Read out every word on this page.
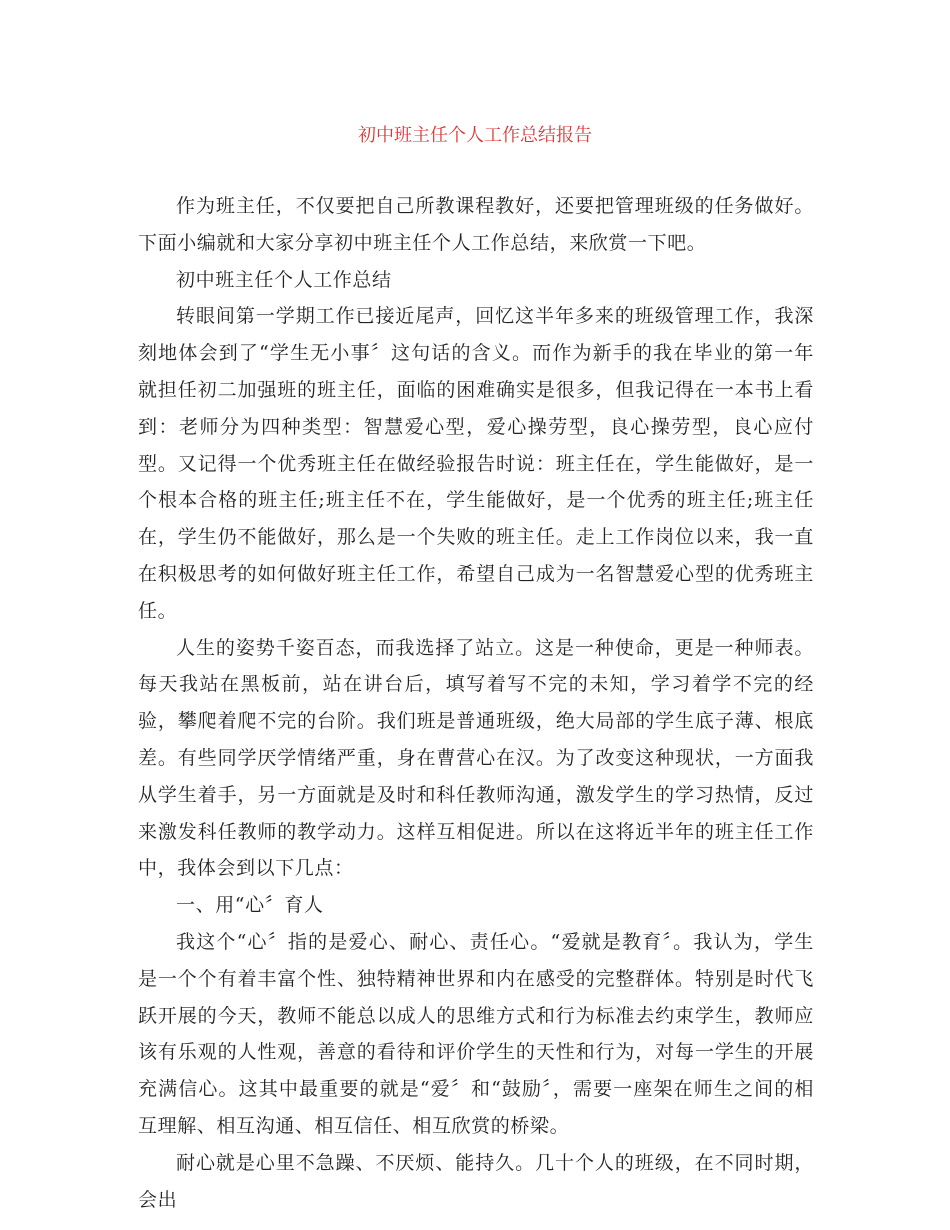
初中班主任个人工作总结报告

作为班主任，不仅要把自己所教课程教好，还要把管理班级的任务做好。下面小编就和大家分享初中班主任个人工作总结，来欣赏一下吧。

初中班主任个人工作总结

转眼间第一学期工作已接近尾声，回忆这半年多来的班级管理工作，我深刻地体会到了“学生无小事〞这句话的含义。而作为新手的我在毕业的第一年就担任初二加强班的班主任，面临的困难确实是很多，但我记得在一本书上看到：老师分为四种类型：智慧爱心型，爱心操劳型，良心操劳型，良心应付型。又记得一个优秀班主任在做经验报告时说：班主任在，学生能做好，是一个根本合格的班主任;班主任不在，学生能做好，是一个优秀的班主任;班主任在，学生仍不能做好，那么是一个失败的班主任。走上工作岗位以来，我一直在积极思考的如何做好班主任工作，希望自己成为一名智慧爱心型的优秀班主任。

人生的姿势千姿百态，而我选择了站立。这是一种使命，更是一种师表。每天我站在黑板前，站在讲台后，填写着写不完的未知，学习着学不完的经验，攀爬着爬不完的台阶。我们班是普通班级，绝大局部的学生底子薄、根底差。有些同学厌学情绪严重，身在曹营心在汉。为了改变这种现状，一方面我从学生着手，另一方面就是及时和科任教师沟通，激发学生的学习热情，反过来激发科任教师的教学动力。这样互相促进。所以在这将近半年的班主任工作中，我体会到以下几点：

一、用“心〞育人

我这个“心〞指的是爱心、耐心、责任心。“爱就是教育〞。我认为，学生是一个个有着丰富个性、独特精神世界和内在感受的完整群体。特别是时代飞跃开展的今天，教师不能总以成人的思维方式和行为标准去约束学生，教师应该有乐观的人性观，善意的看待和评价学生的天性和行为，对每一学生的开展充满信心。这其中最重要的就是“爱〞和“鼓励〞，需要一座架在师生之间的相互理解、相互沟通、相互信任、相互欣赏的桥梁。

耐心就是心里不急躁、不厌烦、能持久。几十个人的班级，在不同时期，会出
